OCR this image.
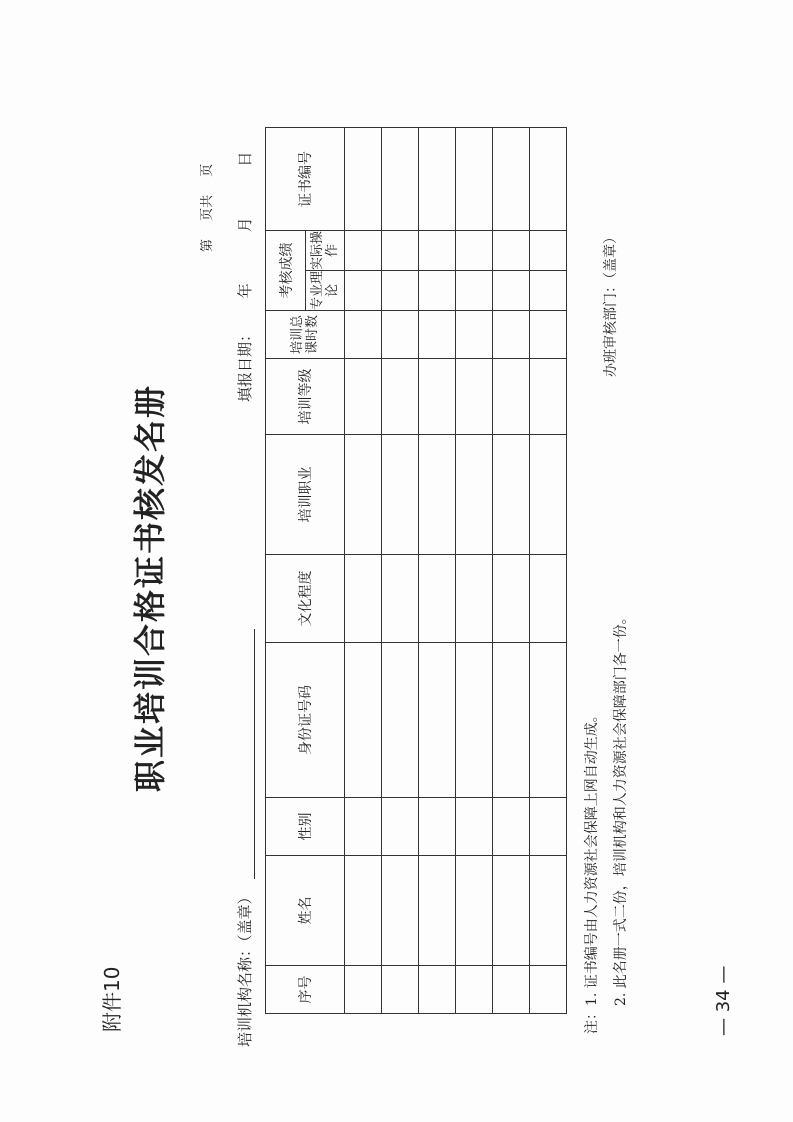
附件10
职业培训合格证书核发名册
第 页共 页
培训机构名称：（盖章）
填报日期： 年 月 日
序号	姓名	性别	身份证号码	文化程度	培训职业	培训等级	培训总课时数	考核成绩		证书编号
								专业理论	实际操作	

注：1. 证书编号由人力资源社会保障上网自动生成。 2. 此名册一式二份，培训机构和人力资源社会保障部门各一份。
办班审核部门：（盖章）
— 34 —
